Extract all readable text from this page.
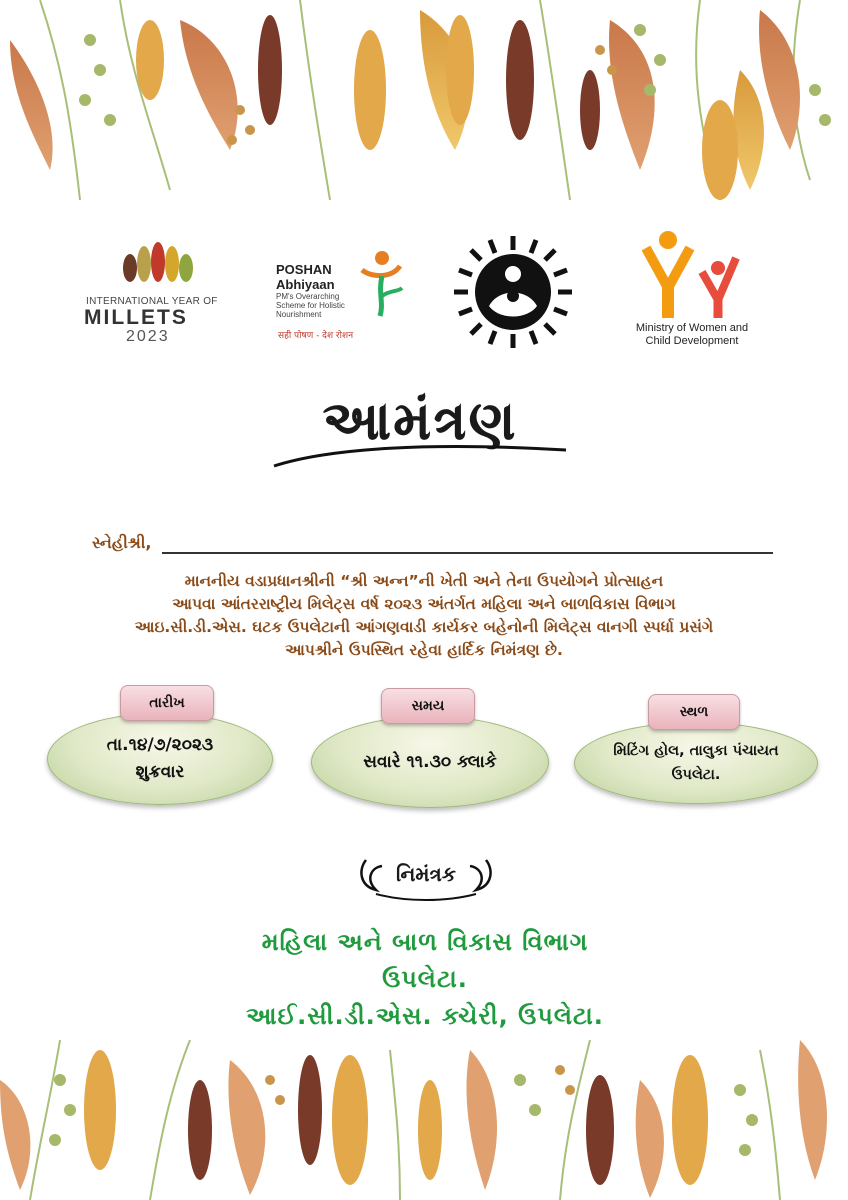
INTERNATIONAL YEAR OF
MILLETS
2023
POSHAN
Abhiyaan
PM's Overarching Scheme for Holistic Nourishment
सही पोषण - देश रोशन
Ministry of Women and Child Development
આમંત્રણ
સ્નેહીશ્રી,
માનનીય વડાપ્રધાનશ્રીની “શ્રી અન્ન”ની ખેતી અને તેના ઉપયોગને પ્રોત્સાહન
આપવા આંતરરાષ્ટ્રીય મિલેટ્સ વર્ષ ૨૦૨૩ અંતર્ગત મહિલા અને બાળવિકાસ વિભાગ
આઇ.સી.ડી.એસ. ઘટક ઉપલેટાની આંગણવાડી કાર્યકર બહેનોની મિલેટ્સ વાનગી સ્પર્ધા પ્રસંગે
આપશ્રીને ઉપસ્થિત રહેવા હાર્દિક નિમંત્રણ છે.
તા.૧૪/૭/૨૦૨૩
શુક્રવાર
તારીખ
સવારે ૧૧.૩૦ ક્લાકે
સમય
મિટિંગ હોલ, તાલુકા પંચાયત
ઉપલેટા.
સ્થળ
નિમંત્રક
મહિલા અને બાળ વિકાસ વિભાગ
ઉપલેટા.
આઈ.સી.ડી.એસ. ક્ચેરી, ઉપલેટા.
